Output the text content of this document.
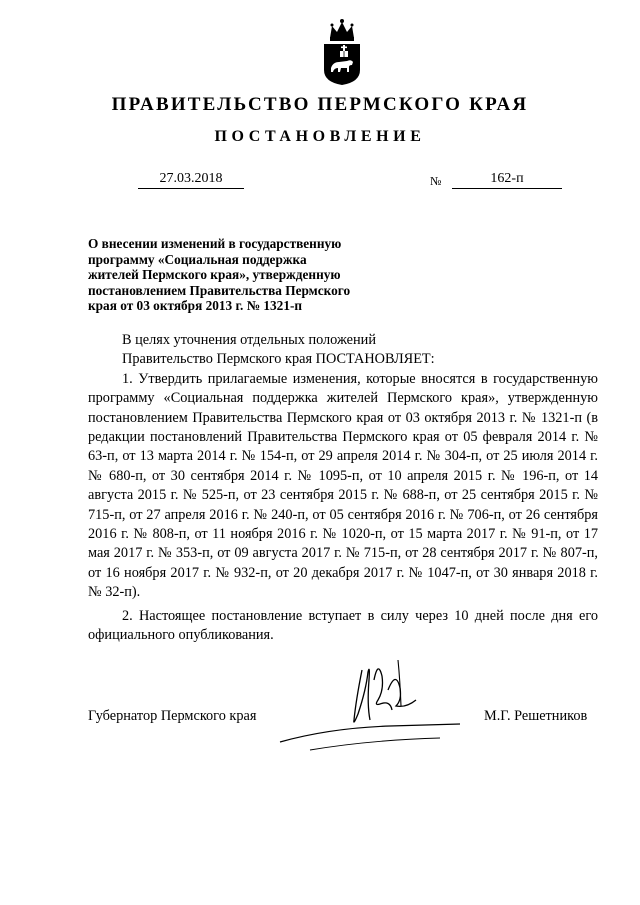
ПРАВИТЕЛЬСТВО ПЕРМСКОГО КРАЯ
ПОСТАНОВЛЕНИЕ
27.03.2018	№	162-п
О внесении изменений в государственную
программу «Социальная поддержка
жителей Пермского края», утвержденную
постановлением Правительства Пермского
края от 03 октября 2013 г. № 1321-п

В целях уточнения отдельных положений

Правительство Пермского края ПОСТАНОВЛЯЕТ:

1. Утвердить прилагаемые изменения, которые вносятся в государственную программу «Социальная поддержка жителей Пермского края», утвержденную постановлением Правительства Пермского края от 03 октября 2013 г. № 1321-п (в редакции постановлений Правительства Пермского края от 05 февраля 2014 г. № 63-п, от 13 марта 2014 г. № 154-п, от 29 апреля 2014 г. № 304-п, от 25 июля 2014 г. № 680-п, от 30 сентября 2014 г. № 1095-п, от 10 апреля 2015 г. № 196-п, от 14 августа 2015 г. № 525-п, от 23 сентября 2015 г. № 688-п, от 25 сентября 2015 г. № 715-п, от 27 апреля 2016 г. № 240-п, от 05 сентября 2016 г. № 706-п, от 26 сентября 2016 г. № 808-п, от 11 ноября 2016 г. № 1020-п, от 15 марта 2017 г. № 91-п, от 17 мая 2017 г. № 353-п, от 09 августа 2017 г. № 715-п, от 28 сентября 2017 г. № 807-п, от 16 ноября 2017 г. № 932-п, от 20 декабря 2017 г. № 1047-п, от 30 января 2018 г. № 32-п).

2. Настоящее постановление вступает в силу через 10 дней после дня его официального опубликования.

Губернатор Пермского края	М.Г. Решетников
